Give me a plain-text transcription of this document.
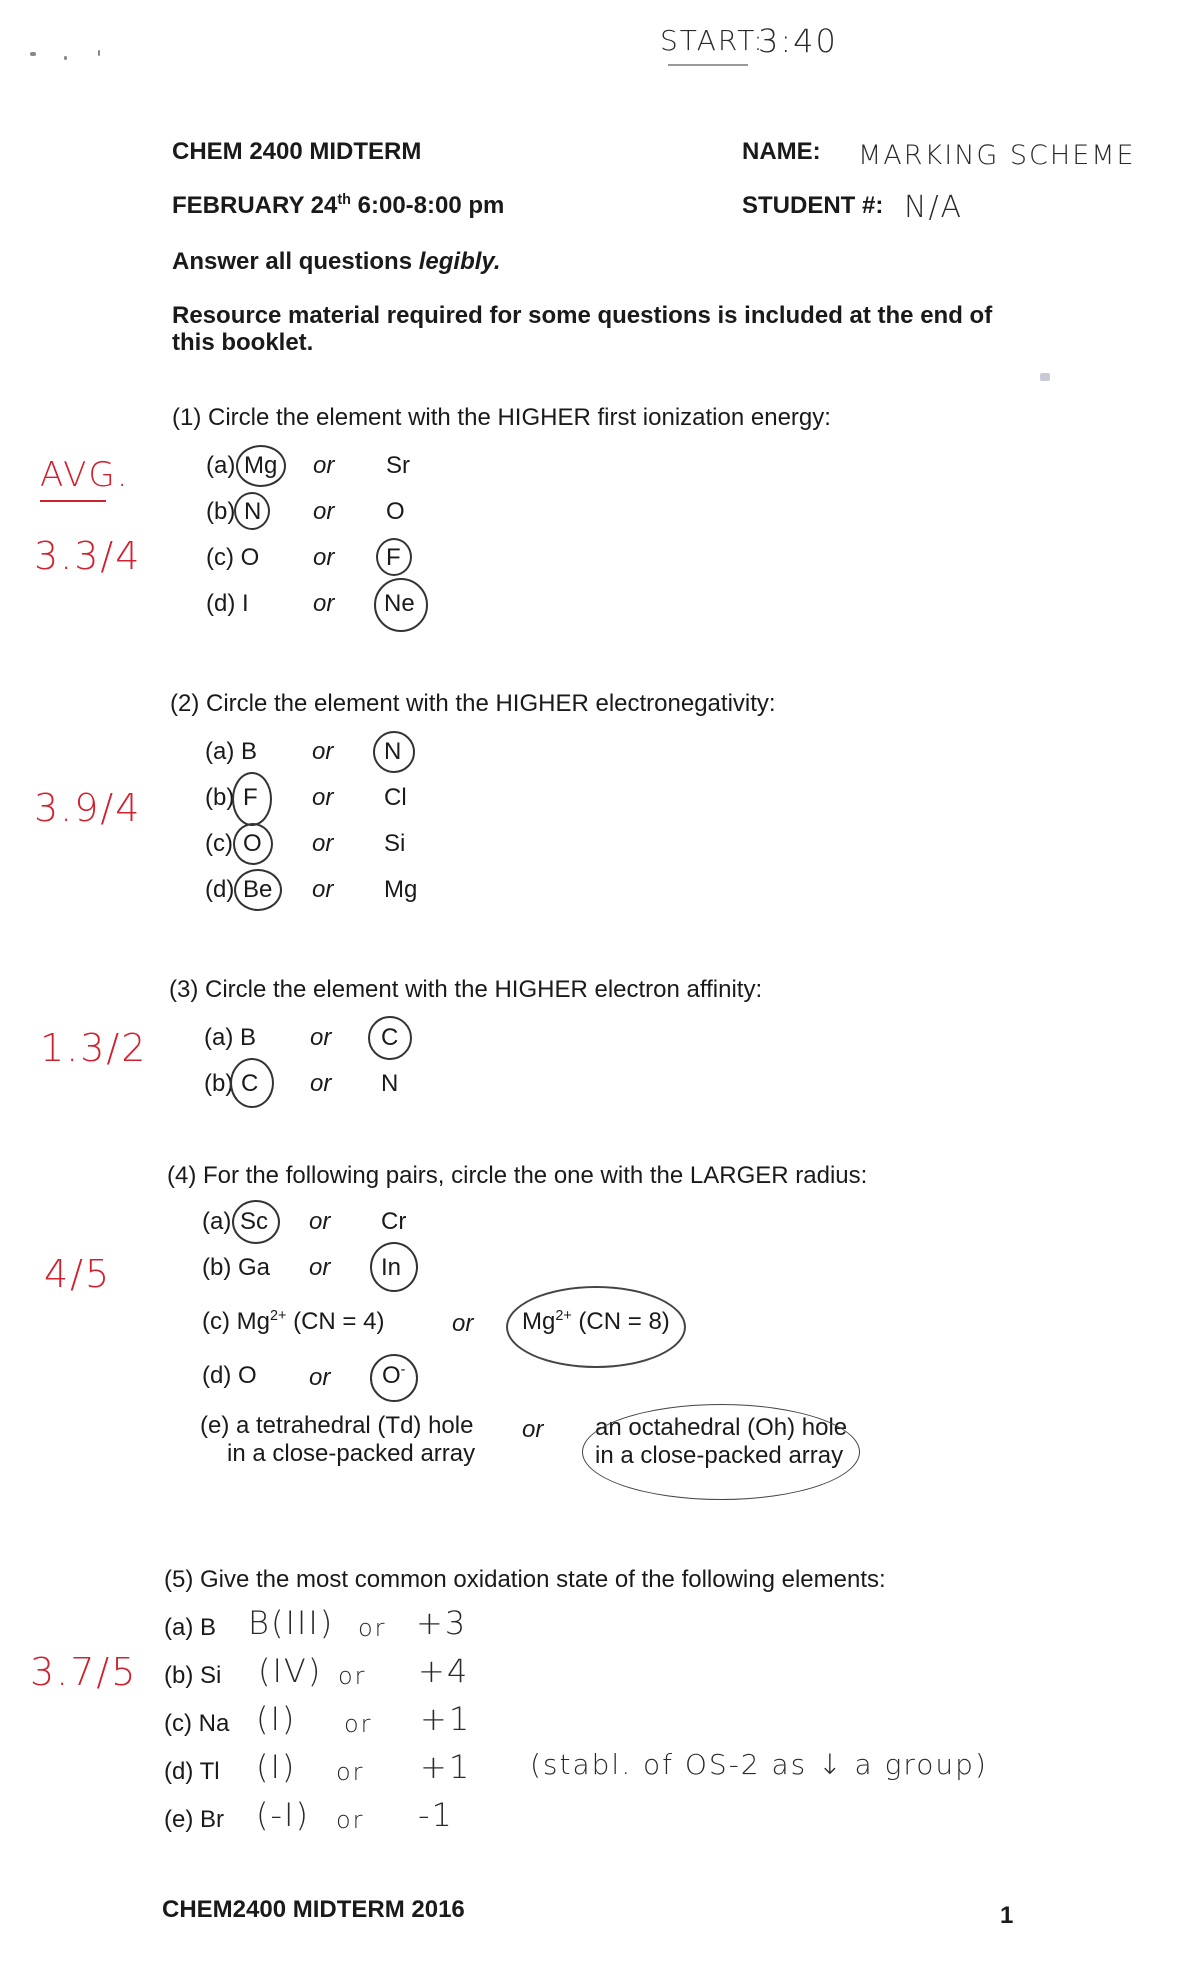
START:
3:40
CHEM 2400 MIDTERM	NAME: MARKING SCHEME
FEBRUARY 24th 6:00-8:00 pm	STUDENT #: N/A
Answer all questions legibly.
Resource material required for some questions is included at the end of
this booklet.
AVG.
3.3/4
3.9/4
1.3/2
4/5
3.7/5
(1) Circle the element with the HIGHER first ionization energy:
(a) Mg or Sr
(b) N or O
(c) O or F
(d) I	or Ne
(2) Circle the element with the HIGHER electronegativity:
(a) B or N
(b) F or Cl
(c) O or Si
(d) Be or Mg
(3) Circle the element with the HIGHER electron affinity:
(a) B or C
(b) C or N
(4) For the following pairs, circle the one with the LARGER radius:
(a) Sc or Cr
(b) Ga or In
(c) $Mg^{2+}$ (CN = 4)	or $Mg^{2+}$ (CN = 8)
(d) O or O-
(e) a tetrahedral (Td) hole
in a close-packed array
or an octahedral (Oh) hole
in a close-packed array
(5) Give the most common oxidation state of the following elements:
(a) B B(III) or +3
(b) Si (IV) or +4
(c) Na (I) or +1
(d) Tl (I) or +1 (stabl. of OS-2 as ↓ a group)
(e) Br (-I) or -1
CHEM2400 MIDTERM 2016	1
